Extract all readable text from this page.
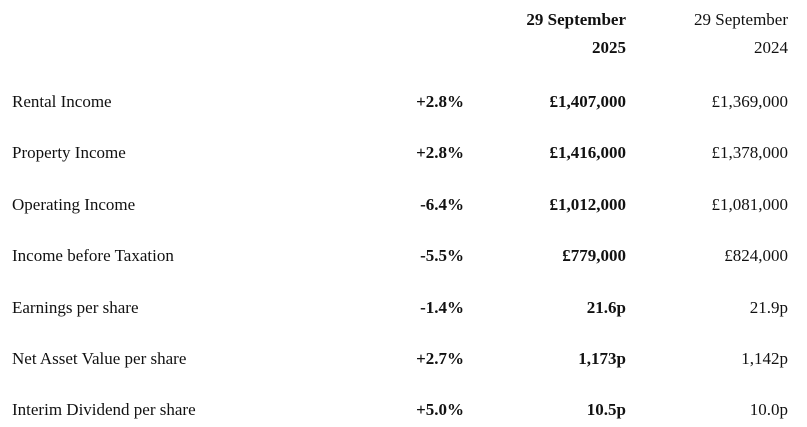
29 September
2025
29 September
2024
Rental Income	+2.8%	£1,407,000	£1,369,000
Property Income	+2.8%	£1,416,000	£1,378,000
Operating Income	-6.4%	£1,012,000	£1,081,000
Income before Taxation	-5.5%	£779,000	£824,000
Earnings per share	-1.4%	21.6p	21.9p
Net Asset Value per share	+2.7%	1,173p	1,142p
Interim Dividend per share	+5.0%	10.5p	10.0p
